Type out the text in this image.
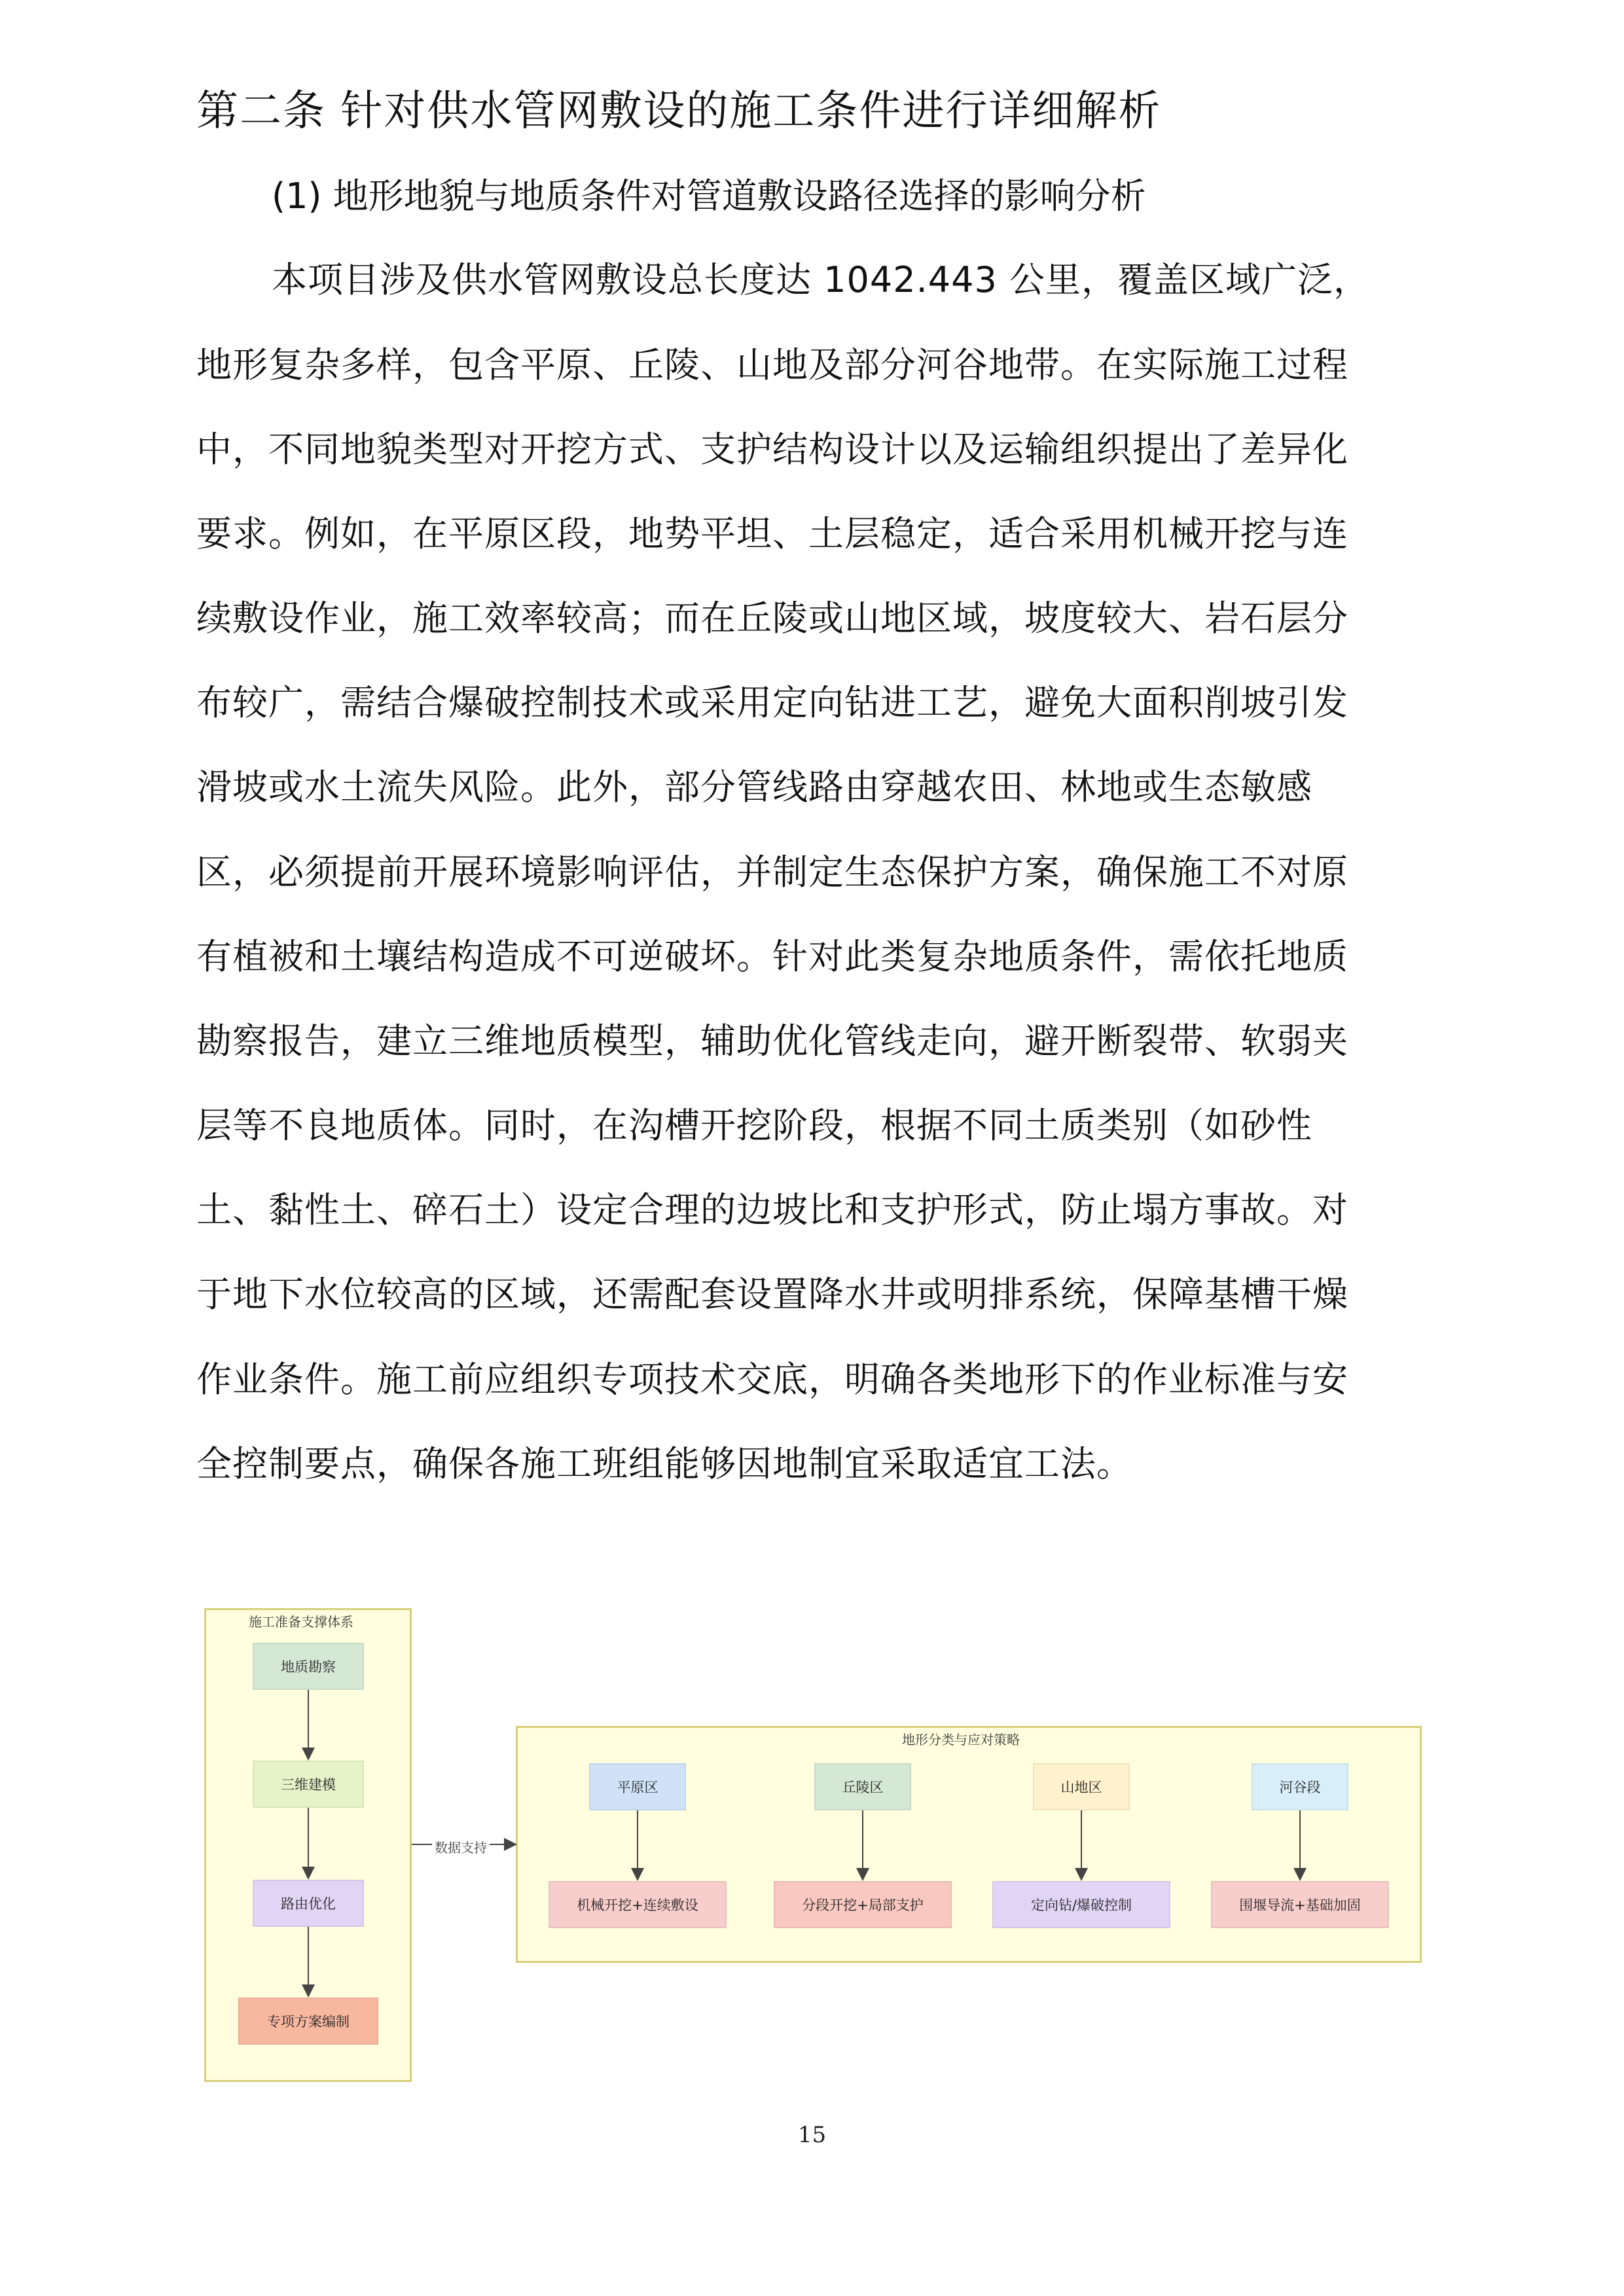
第二条 针对供水管网敷设的施工条件进行详细解析

(1) 地形地貌与地质条件对管道敷设路径选择的影响分析

本项目涉及供水管网敷设总长度达 1042.443 公里，覆盖区域广泛，

地形复杂多样，包含平原、丘陵、山地及部分河谷地带。在实际施工过程

中，不同地貌类型对开挖方式、支护结构设计以及运输组织提出了差异化

要求。例如，在平原区段，地势平坦、土层稳定，适合采用机械开挖与连

续敷设作业，施工效率较高；而在丘陵或山地区域，坡度较大、岩石层分

布较广，需结合爆破控制技术或采用定向钻进工艺，避免大面积削坡引发

滑坡或水土流失风险。此外，部分管线路由穿越农田、林地或生态敏感

区，必须提前开展环境影响评估，并制定生态保护方案，确保施工不对原

有植被和土壤结构造成不可逆破坏。针对此类复杂地质条件，需依托地质

勘察报告，建立三维地质模型，辅助优化管线走向，避开断裂带、软弱夹

层等不良地质体。同时，在沟槽开挖阶段，根据不同土质类别（如砂性

土、黏性土、碎石土）设定合理的边坡比和支护形式，防止塌方事故。对

于地下水位较高的区域，还需配套设置降水井或明排系统，保障基槽干燥

作业条件。施工前应组织专项技术交底，明确各类地形下的作业标准与安

全控制要点，确保各施工班组能够因地制宜采取适宜工法。

施工准备支撑体系
地质勘察
三维建模
路由优化
专项方案编制
地形分类与应对策略
平原区	丘陵区	山地区	河谷段
机械开挖+连续敷设	分段开挖+局部支护	定向钻/爆破控制	围堰导流+基础加固
数据支持
15
